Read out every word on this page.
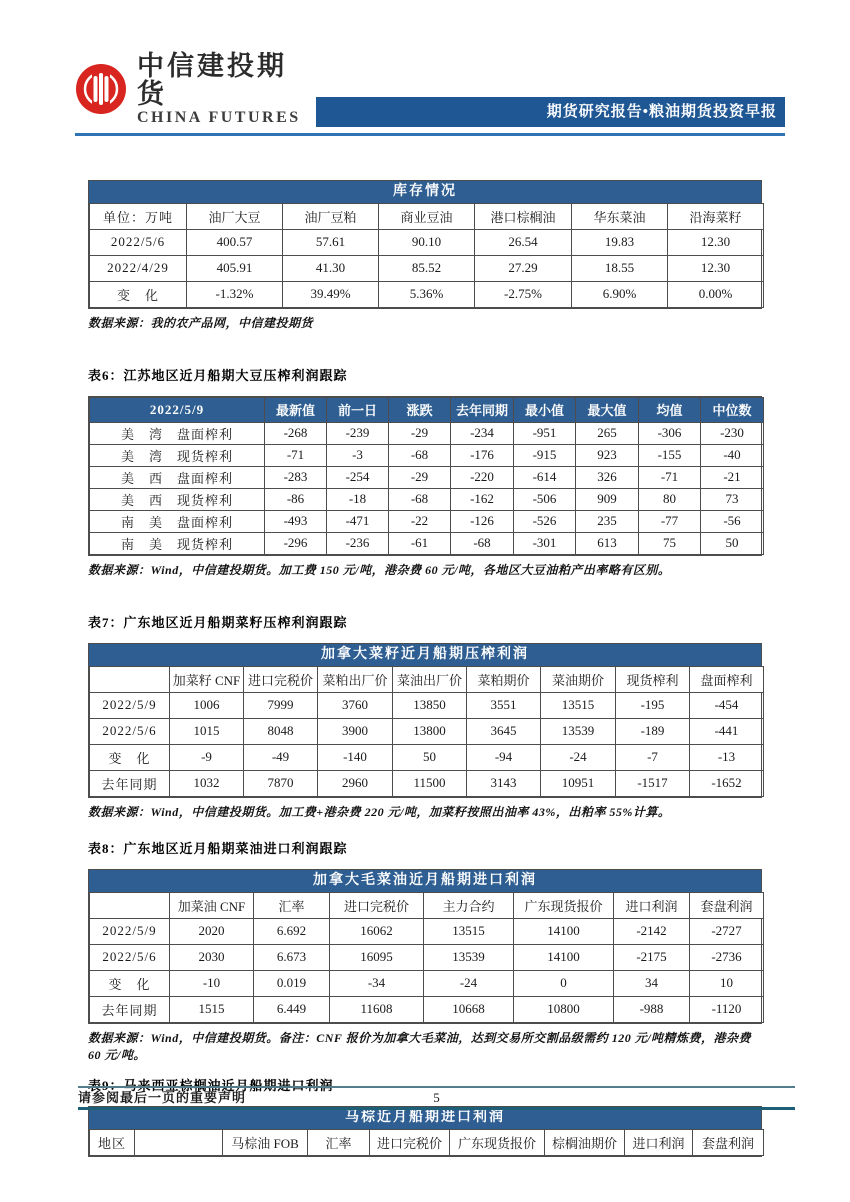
中信建投期货
CHINA FUTURES	期货研究报告•粮油期货投资早报
库存情况
单位：万吨	油厂大豆	油厂豆粕	商业豆油	港口棕榈油	华东菜油	沿海菜籽
2022/5/6	400.57	57.61	90.10	26.54	19.83	12.30
2022/4/29	405.91	41.30	85.52	27.29	18.55	12.30
变　化	-1.32%	39.49%	5.36%	-2.75%	6.90%	0.00%
数据来源：我的农产品网，中信建投期货
表6：江苏地区近月船期大豆压榨利润跟踪
2022/5/9	最新值	前一日	涨跌	去年同期	最小值	最大值	均值	中位数
美　湾　盘面榨利	-268	-239	-29	-234	-951	265	-306	-230
美　湾　现货榨利	-71	-3	-68	-176	-915	923	-155	-40
美　西　盘面榨利	-283	-254	-29	-220	-614	326	-71	-21
美　西　现货榨利	-86	-18	-68	-162	-506	909	80	73
南　美　盘面榨利	-493	-471	-22	-126	-526	235	-77	-56
南　美　现货榨利	-296	-236	-61	-68	-301	613	75	50
数据来源：Wind，中信建投期货。加工费 150 元/吨，港杂费 60 元/吨，各地区大豆油粕产出率略有区别。
表7：广东地区近月船期菜籽压榨利润跟踪
加拿大菜籽近月船期压榨利润
	加菜籽 CNF	进口完税价	菜粕出厂价	菜油出厂价	菜粕期价	菜油期价	现货榨利	盘面榨利
2022/5/9	1006	7999	3760	13850	3551	13515	-195	-454
2022/5/6	1015	8048	3900	13800	3645	13539	-189	-441
变　化	-9	-49	-140	50	-94	-24	-7	-13
去年同期	1032	7870	2960	11500	3143	10951	-1517	-1652
数据来源：Wind，中信建投期货。加工费+港杂费 220 元/吨，加菜籽按照出油率 43%，出粕率 55%计算。
表8：广东地区近月船期菜油进口利润跟踪
加拿大毛菜油近月船期进口利润
	加菜油 CNF	汇率	进口完税价	主力合约	广东现货报价	进口利润	套盘利润
2022/5/9	2020	6.692	16062	13515	14100	-2142	-2727
2022/5/6	2030	6.673	16095	13539	14100	-2175	-2736
变　化	-10	0.019	-34	-24	0	34	10
去年同期	1515	6.449	11608	10668	10800	-988	-1120
数据来源：Wind，中信建投期货。备注：CNF 报价为加拿大毛菜油，达到交易所交割品级需约 120 元/吨精炼费，港杂费 60 元/吨。
表9：马来西亚棕榈油近月船期进口利润
马棕近月船期进口利润
地区		马棕油 FOB	汇率	进口完税价	广东现货报价	棕榈油期价	进口利润	套盘利润
请参阅最后一页的重要声明	5
